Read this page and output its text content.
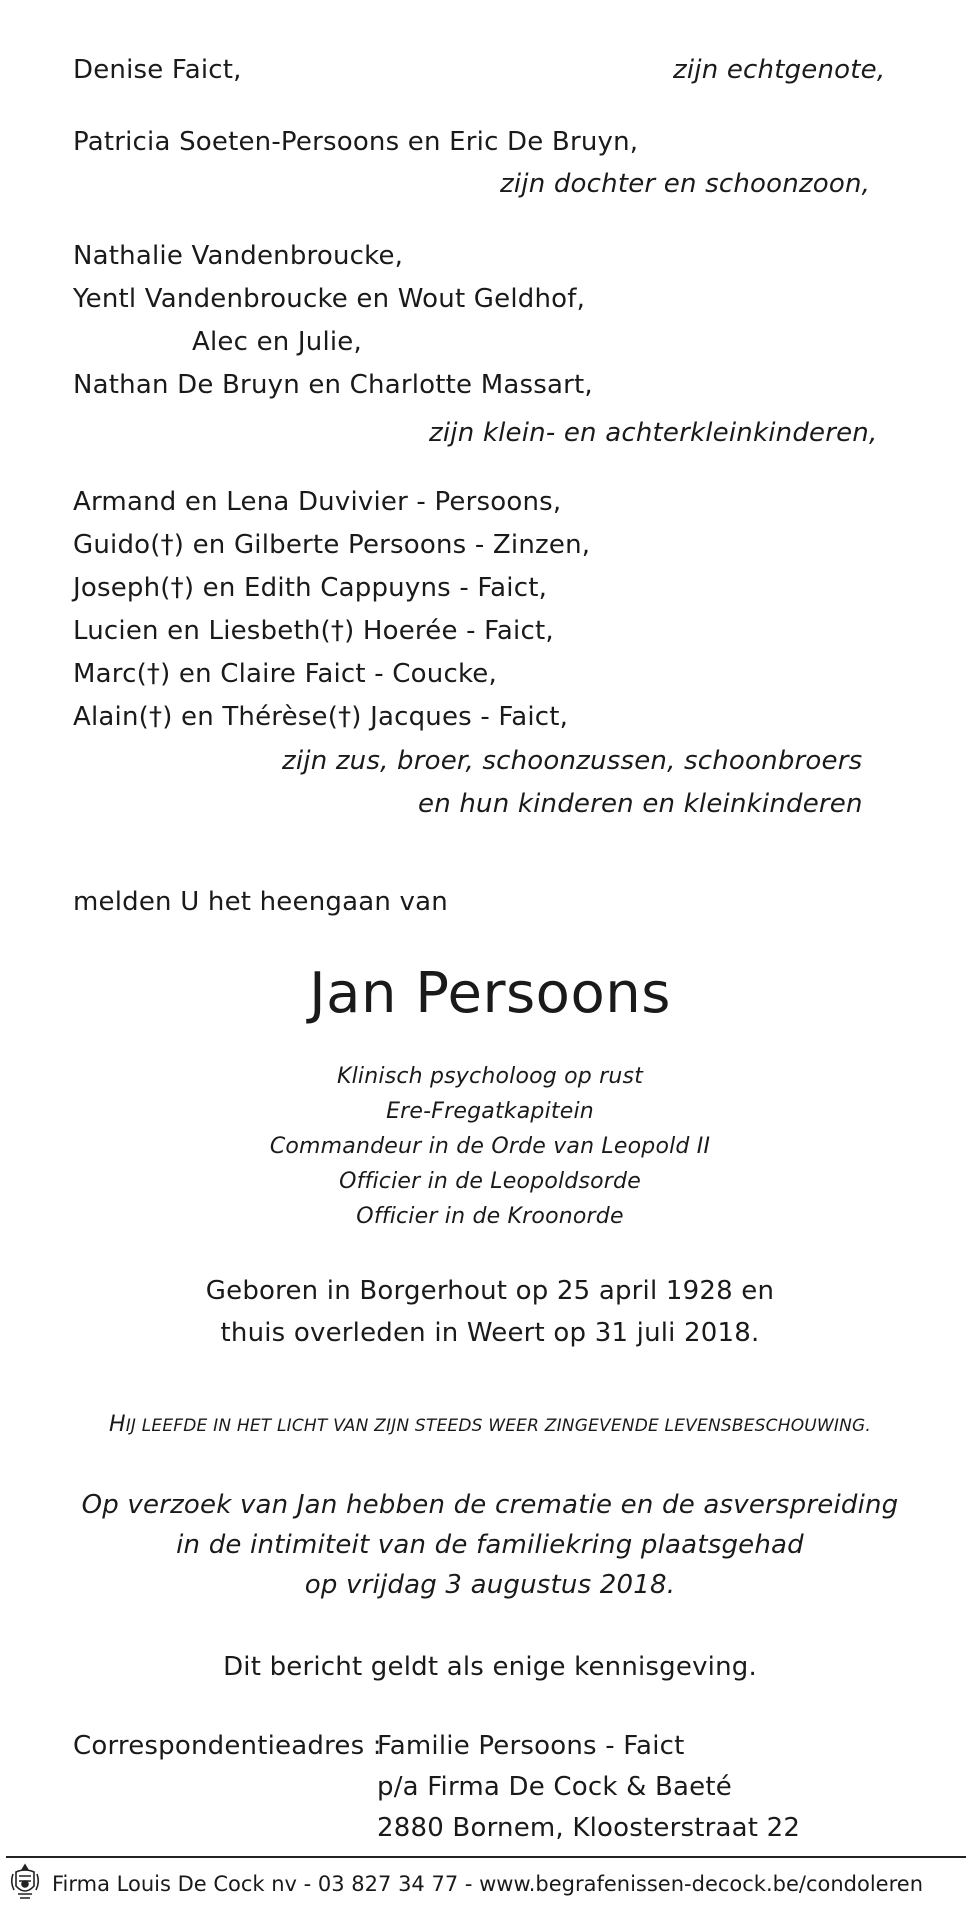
Denise Faict,	zijn echtgenote,
Patricia Soeten-Persoons en Eric De Bruyn,
zijn dochter en schoonzoon,
Nathalie Vandenbroucke,
Yentl Vandenbroucke en Wout Geldhof,
Alec en Julie,
Nathan De Bruyn en Charlotte Massart,
zijn klein- en achterkleinkinderen,
Armand en Lena Duvivier - Persoons,
Guido(†) en Gilberte Persoons - Zinzen,
Joseph(†) en Edith Cappuyns - Faict,
Lucien en Liesbeth(†) Hoerée - Faict,
Marc(†) en Claire Faict - Coucke,
Alain(†) en Thérèse(†) Jacques - Faict,
zijn zus, broer, schoonzussen, schoonbroers
en hun kinderen en kleinkinderen
melden U het heengaan van
Jan Persoons
Klinisch psycholoog op rust
Ere-Fregatkapitein
Commandeur in de Orde van Leopold II
Officier in de Leopoldsorde
Officier in de Kroonorde
Geboren in Borgerhout op 25 april 1928 en
thuis overleden in Weert op 31 juli 2018.
HIJ LEEFDE IN HET LICHT VAN ZIJN STEEDS WEER ZINGEVENDE LEVENSBESCHOUWING.
Op verzoek van Jan hebben de crematie en de asverspreiding
in de intimiteit van de familiekring plaatsgehad
op vrijdag 3 augustus 2018.
Dit bericht geldt als enige kennisgeving.
Correspondentieadres :
Familie Persoons - Faict
p/a Firma De Cock & Baeté
2880 Bornem, Kloosterstraat 22
Firma Louis De Cock nv - 03 827 34 77 - www.begrafenissen-decock.be/condoleren
